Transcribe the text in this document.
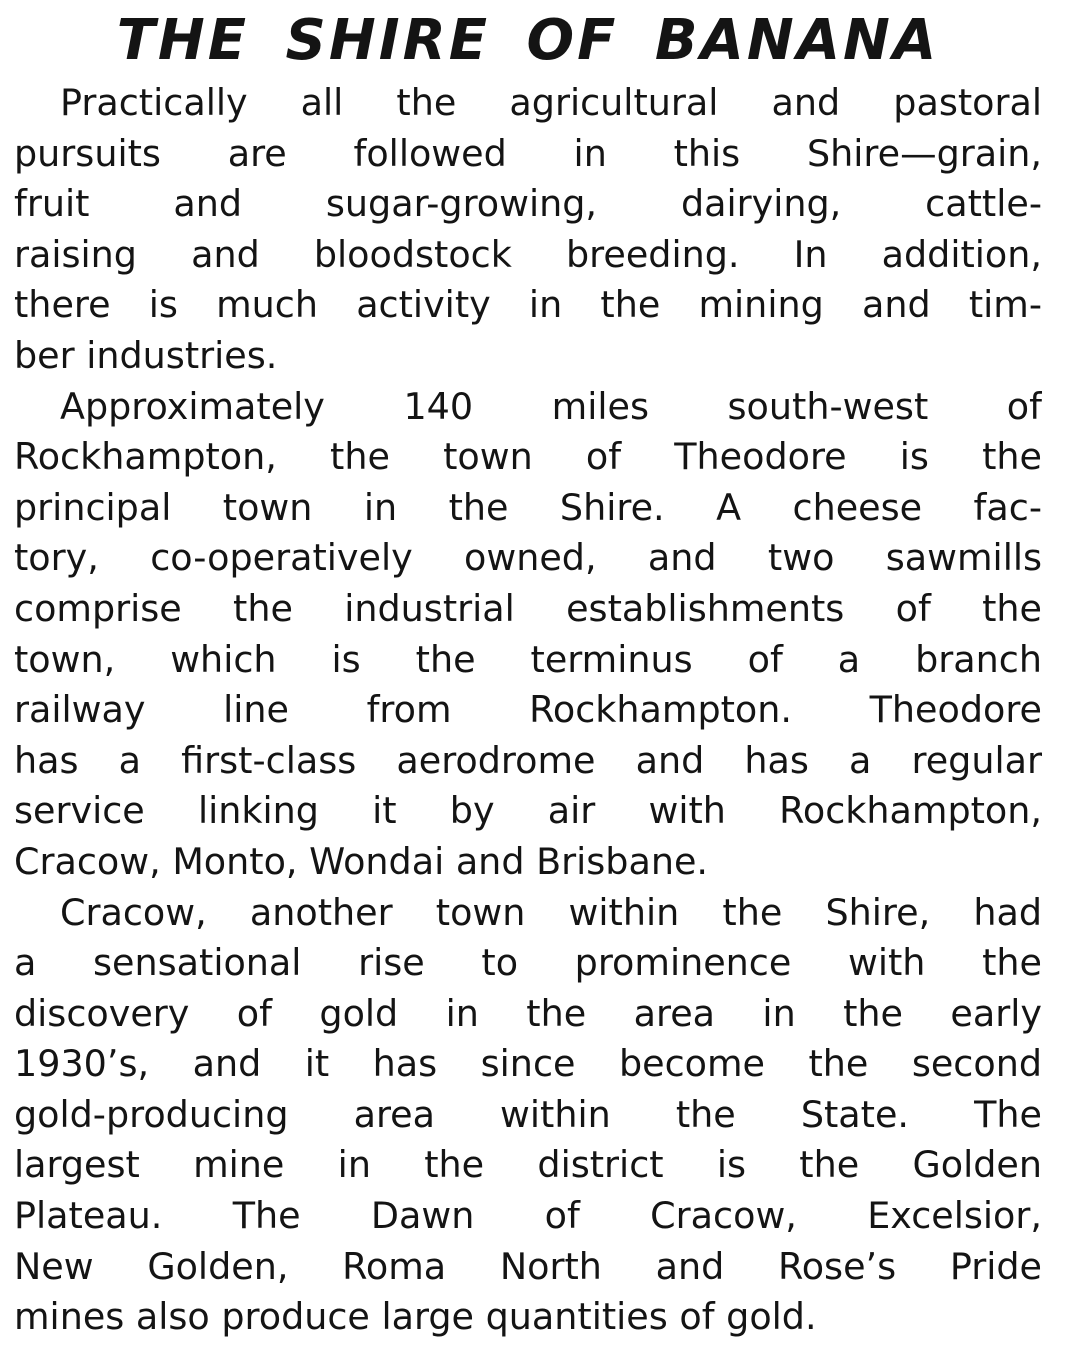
THE SHIRE OF BANANA
Practically all the agricultural and pastoral
pursuits are followed in this Shire—grain,
fruit and sugar-growing, dairying, cattle-
raising and bloodstock breeding. In addition,
there is much activity in the mining and tim-
ber industries.
Approximately 140 miles south-west of
Rockhampton, the town of Theodore is the
principal town in the Shire. A cheese fac-
tory, co-operatively owned, and two sawmills
comprise the industrial establishments of the
town, which is the terminus of a branch
railway line from Rockhampton. Theodore
has a first-class aerodrome and has a regular
service linking it by air with Rockhampton,
Cracow, Monto, Wondai and Brisbane.
Cracow, another town within the Shire, had
a sensational rise to prominence with the
discovery of gold in the area in the early
1930’s, and it has since become the second
gold-producing area within the State. The
largest mine in the district is the Golden
Plateau. The Dawn of Cracow, Excelsior,
New Golden, Roma North and Rose’s Pride
mines also produce large quantities of gold.
